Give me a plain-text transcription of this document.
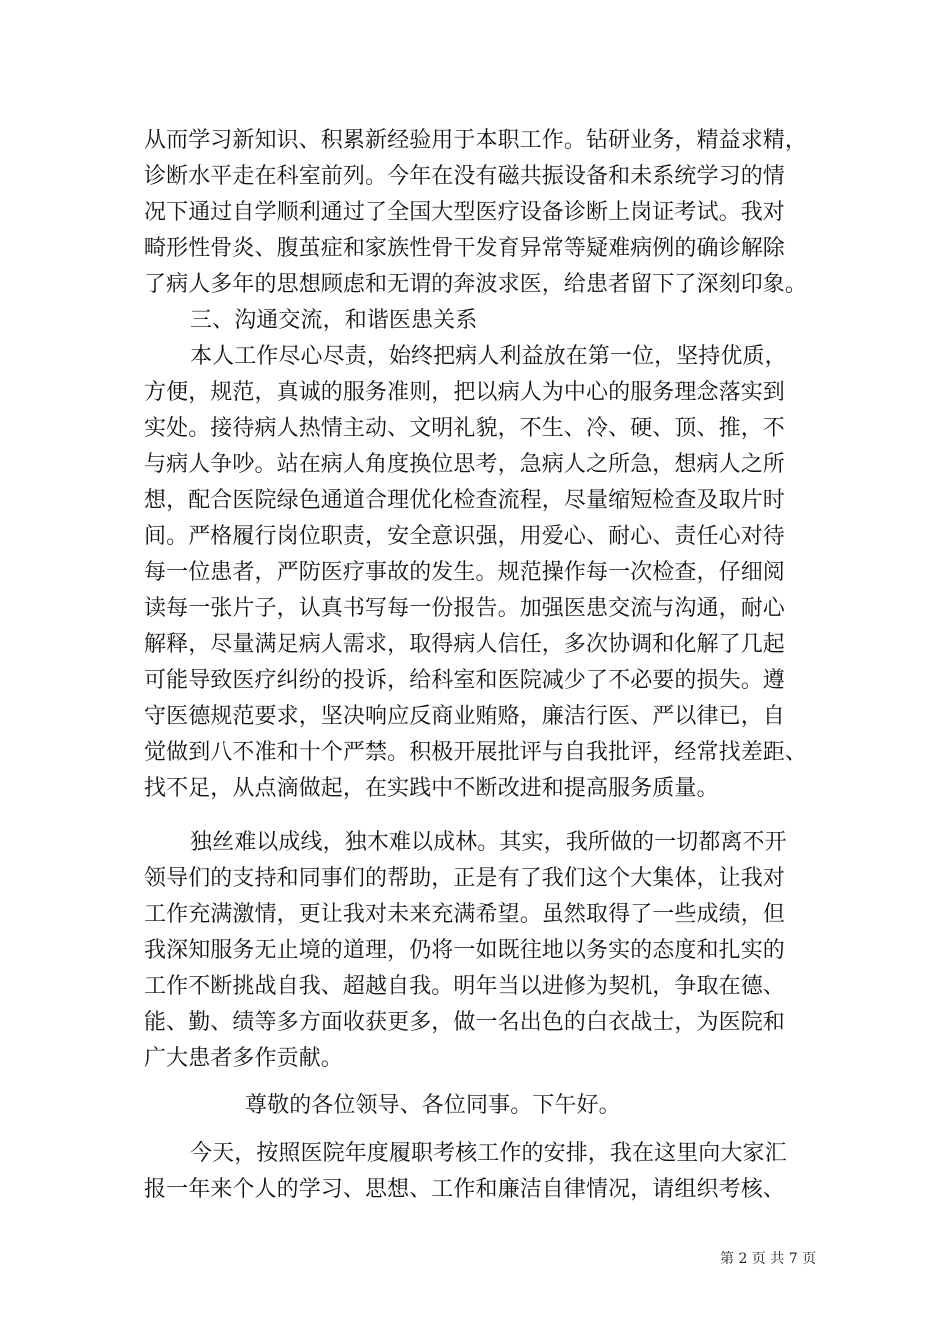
从而学习新知识、积累新经验用于本职工作。钻研业务，精益求精，
诊断水平走在科室前列。今年在没有磁共振设备和未系统学习的情
况下通过自学顺利通过了全国大型医疗设备诊断上岗证考试。我对
畸形性骨炎、腹茧症和家族性骨干发育异常等疑难病例的确诊解除
了病人多年的思想顾虑和无谓的奔波求医，给患者留下了深刻印象。
三、沟通交流，和谐医患关系
本人工作尽心尽责，始终把病人利益放在第一位，坚持优质，
方便，规范，真诚的服务准则，把以病人为中心的服务理念落实到
实处。接待病人热情主动、文明礼貌，不生、冷、硬、顶、推，不
与病人争吵。站在病人角度换位思考，急病人之所急，想病人之所
想，配合医院绿色通道合理优化检查流程，尽量缩短检查及取片时
间。严格履行岗位职责，安全意识强，用爱心、耐心、责任心对待
每一位患者，严防医疗事故的发生。规范操作每一次检查，仔细阅
读每一张片子，认真书写每一份报告。加强医患交流与沟通，耐心
解释，尽量满足病人需求，取得病人信任，多次协调和化解了几起
可能导致医疗纠纷的投诉，给科室和医院减少了不必要的损失。遵
守医德规范要求，坚决响应反商业贿赂，廉洁行医、严以律已，自
觉做到八不准和十个严禁。积极开展批评与自我批评，经常找差距、
找不足，从点滴做起，在实践中不断改进和提高服务质量。
独丝难以成线，独木难以成林。其实，我所做的一切都离不开
领导们的支持和同事们的帮助，正是有了我们这个大集体，让我对
工作充满激情，更让我对未来充满希望。虽然取得了一些成绩，但
我深知服务无止境的道理，仍将一如既往地以务实的态度和扎实的
工作不断挑战自我、超越自我。明年当以进修为契机，争取在德、
能、勤、绩等多方面收获更多，做一名出色的白衣战士，为医院和
广大患者多作贡献。
尊敬的各位领导、各位同事。下午好。
今天，按照医院年度履职考核工作的安排，我在这里向大家汇
报一年来个人的学习、思想、工作和廉洁自律情况，请组织考核、
第 2 页 共 7 页
